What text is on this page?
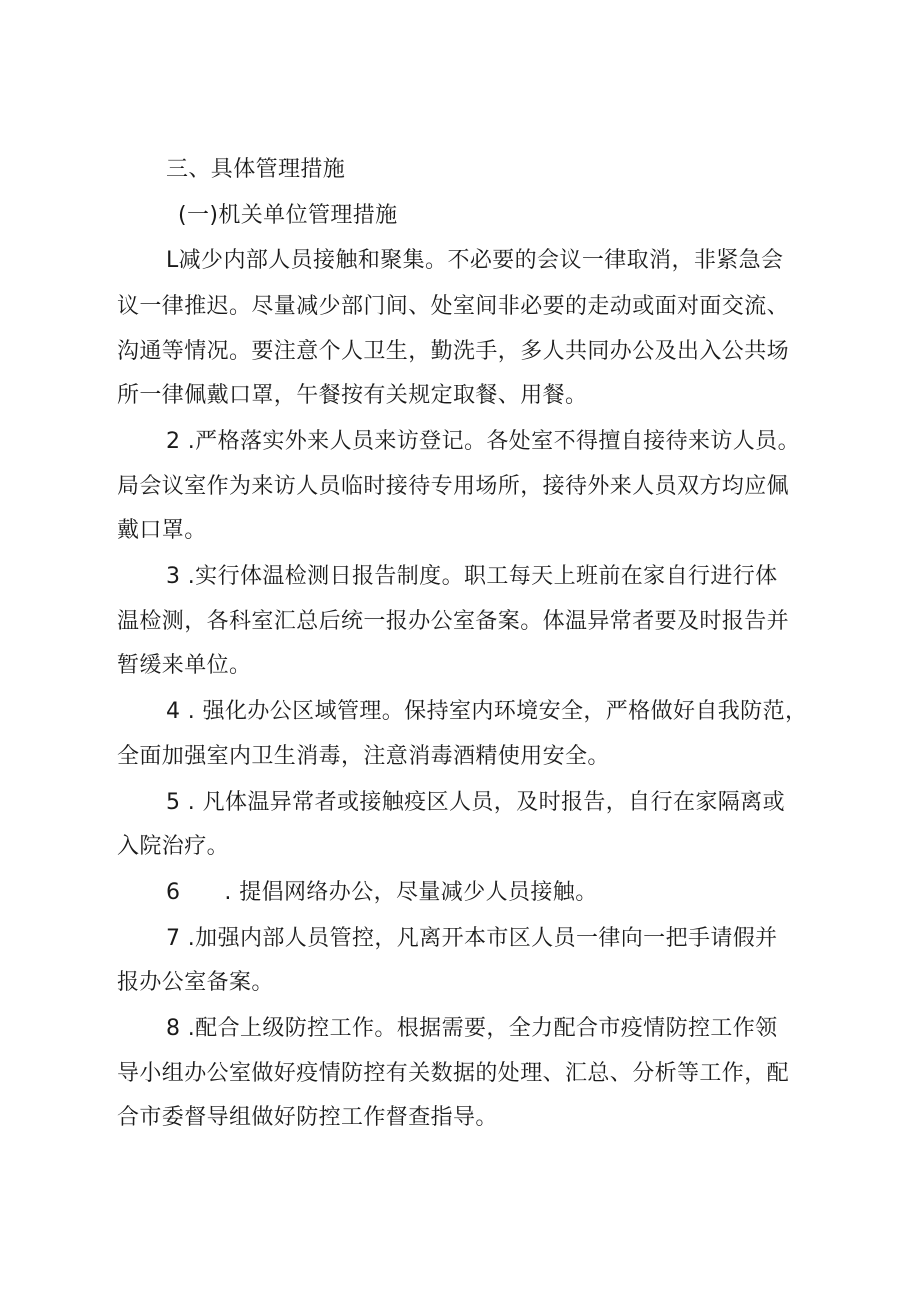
三、具体管理措施
(一)机关单位管理措施
L减少内部人员接触和聚集。不必要的会议一律取消，非紧急会
议一律推迟。尽量减少部门间、处室间非必要的走动或面对面交流、
沟通等情况。要注意个人卫生，勤洗手，多人共同办公及出入公共场
所一律佩戴口罩，午餐按有关规定取餐、用餐。
2 .严格落实外来人员来访登记。各处室不得擅自接待来访人员。
局会议室作为来访人员临时接待专用场所，接待外来人员双方均应佩
戴口罩。
3 .实行体温检测日报告制度。职工每天上班前在家自行进行体
温检测，各科室汇总后统一报办公室备案。体温异常者要及时报告并
暂缓来单位。
4 . 强化办公区域管理。保持室内环境安全，严格做好自我防范，
全面加强室内卫生消毒，注意消毒酒精使用安全。
5 . 凡体温异常者或接触疫区人员，及时报告，自行在家隔离或
入院治疗。
6 . 提倡网络办公，尽量减少人员接触。
7 .加强内部人员管控，凡离开本市区人员一律向一把手请假并
报办公室备案。
8 .配合上级防控工作。根据需要，全力配合市疫情防控工作领
导小组办公室做好疫情防控有关数据的处理、汇总、分析等工作，配
合市委督导组做好防控工作督查指导。
